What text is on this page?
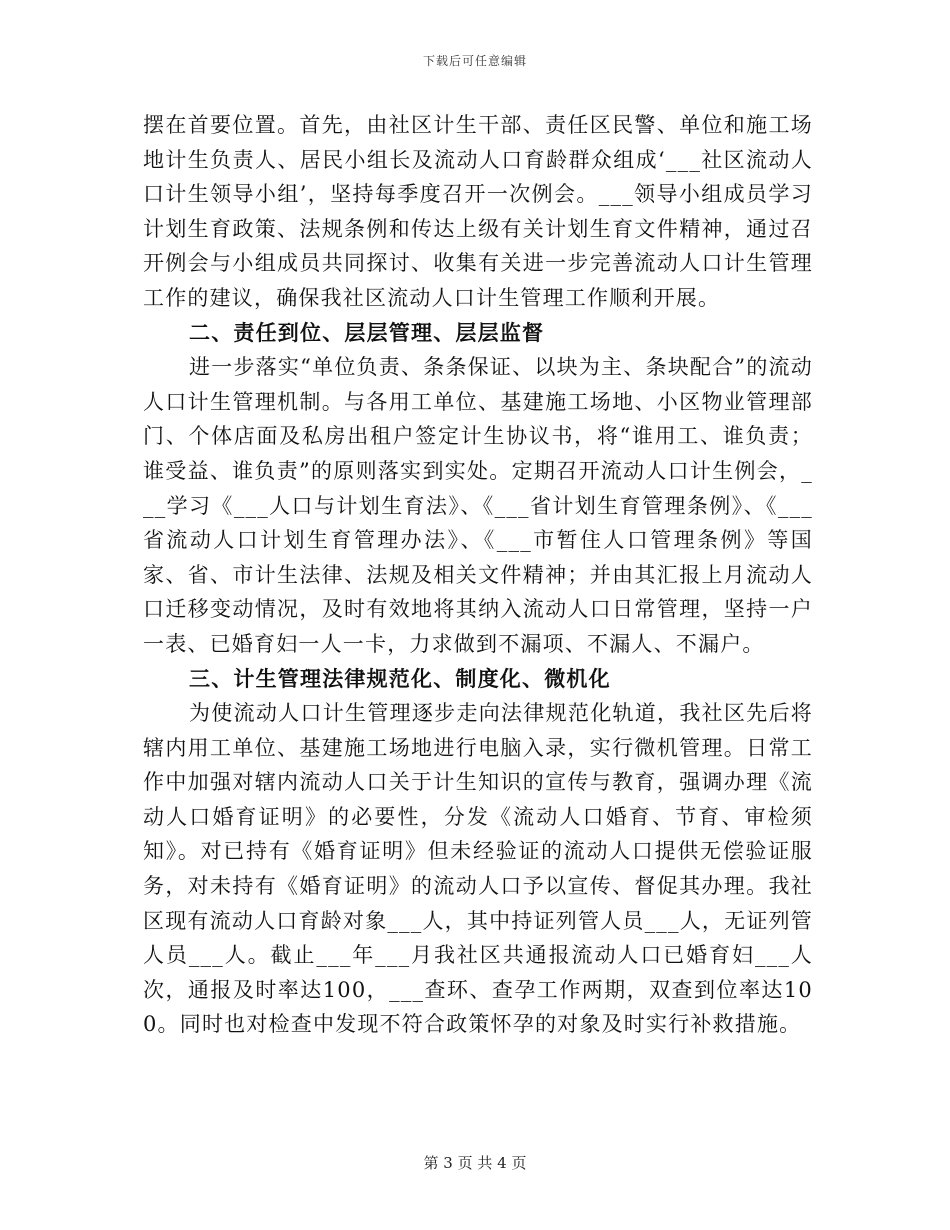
下载后可任意编辑

摆在首要位置。首先，由社区计生干部、责任区民警、单位和施工场地计生负责人、居民小组长及流动人口育龄群众组成‘___社区流动人口计生领导小组’，坚持每季度召开一次例会。___领导小组成员学习计划生育政策、法规条例和传达上级有关计划生育文件精神，通过召开例会与小组成员共同探讨、收集有关进一步完善流动人口计生管理工作的建议，确保我社区流动人口计生管理工作顺利开展。

二、责任到位、层层管理、层层监督

进一步落实“单位负责、条条保证、以块为主、条块配合”的流动人口计生管理机制。与各用工单位、基建施工场地、小区物业管理部门、个体店面及私房出租户签定计生协议书，将“谁用工、谁负责；谁受益、谁负责”的原则落实到实处。定期召开流动人口计生例会，___学习《___人口与计划生育法》、《___省计划生育管理条例》、《___省流动人口计划生育管理办法》、《___市暂住人口管理条例》等国家、省、市计生法律、法规及相关文件精神；并由其汇报上月流动人口迁移变动情况，及时有效地将其纳入流动人口日常管理，坚持一户一表、已婚育妇一人一卡，力求做到不漏项、不漏人、不漏户。

三、计生管理法律规范化、制度化、微机化

为使流动人口计生管理逐步走向法律规范化轨道，我社区先后将辖内用工单位、基建施工场地进行电脑入录，实行微机管理。日常工作中加强对辖内流动人口关于计生知识的宣传与教育，强调办理《流动人口婚育证明》的必要性，分发《流动人口婚育、节育、审检须知》。对已持有《婚育证明》但未经验证的流动人口提供无偿验证服务，对未持有《婚育证明》的流动人口予以宣传、督促其办理。我社区现有流动人口育龄对象___人，其中持证列管人员___人，无证列管人员___人。截止___年___月我社区共通报流动人口已婚育妇___人次，通报及时率达100，___查环、查孕工作两期，双查到位率达100。同时也对检查中发现不符合政策怀孕的对象及时实行补救措施。

第 3 页 共 4 页
